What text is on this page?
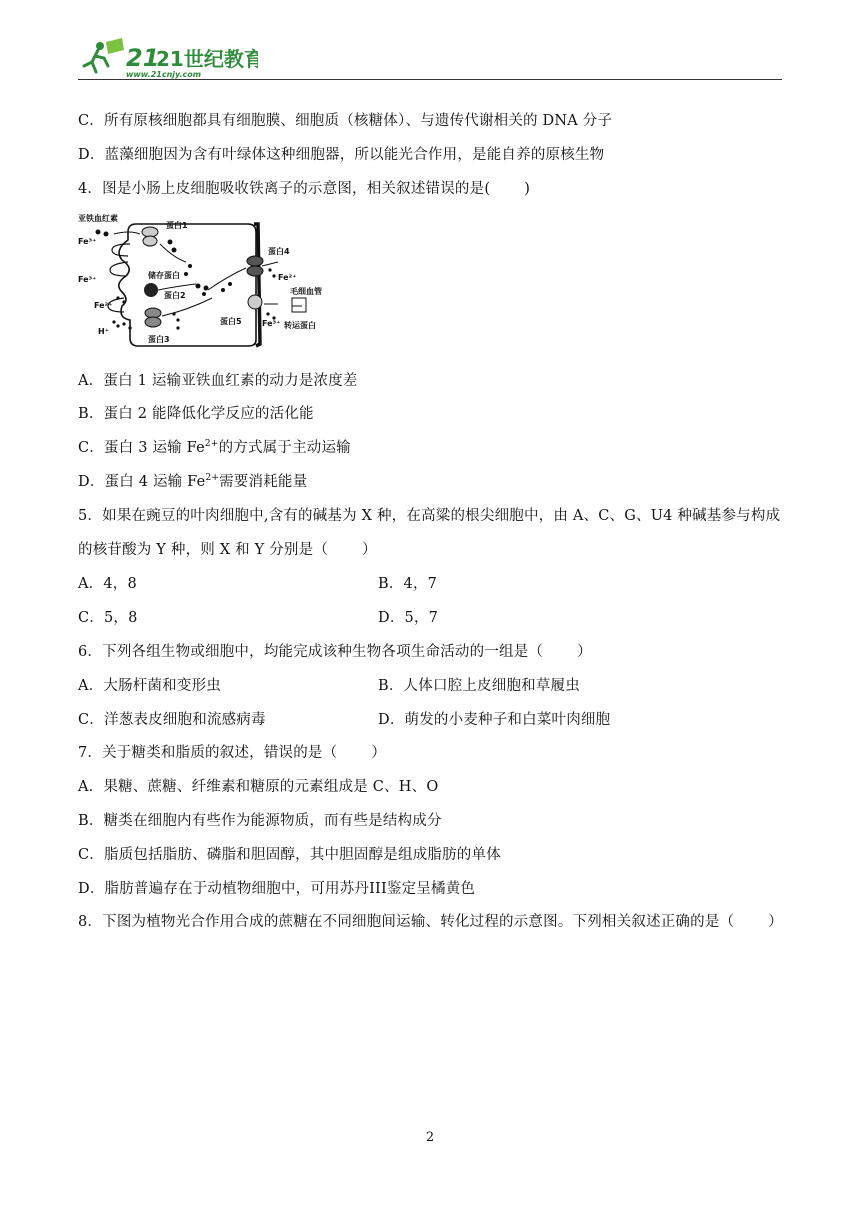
21
21世纪教育
www.21cnjy.com
C．所有原核细胞都具有细胞膜、细胞质（核糖体）、与遗传代谢相关的 DNA 分子
D．蓝藻细胞因为含有叶绿体这种细胞器，所以能光合作用，是能自养的原核生物
4．图是小肠上皮细胞吸收铁离子的示意图，相关叙述错误的是( )
亚铁血红素
Fe³⁺
蛋白1
储存蛋白
Fe³⁺
Fe²⁺
H⁺
蛋白2
蛋白3
蛋白4
Fe²⁺
毛细血管
蛋白5	Fe³⁺ 转运蛋白
A．蛋白 1 运输亚铁血红素的动力是浓度差
B．蛋白 2 能降低化学反应的活化能
C．蛋白 3 运输 $Fe^{2+}$的方式属于主动运输
D．蛋白 4 运输 $Fe^{2+}$需要消耗能量
5．如果在豌豆的叶肉细胞中,含有的碱基为 X 种，在高粱的根尖细胞中，由 A、C、G、U4 种碱基参与构成
的核苷酸为 Y 种，则 X 和 Y 分别是（ ）
A．4，8	B．4，7
C．5，8	D．5，7
6．下列各组生物或细胞中，均能完成该种生物各项生命活动的一组是（ ）
A．大肠杆菌和变形虫	B．人体口腔上皮细胞和草履虫
C．洋葱表皮细胞和流感病毒	D．萌发的小麦种子和白菜叶肉细胞
7．关于糖类和脂质的叙述，错误的是（ ）
A．果糖、蔗糖、纤维素和糖原的元素组成是 C、H、O
B．糖类在细胞内有些作为能源物质，而有些是结构成分
C．脂质包括脂肪、磷脂和胆固醇，其中胆固醇是组成脂肪的单体
D．脂肪普遍存在于动植物细胞中，可用苏丹III鉴定呈橘黄色
8．下图为植物光合作用合成的蔗糖在不同细胞间运输、转化过程的示意图。下列相关叙述正确的是（ ）
2
